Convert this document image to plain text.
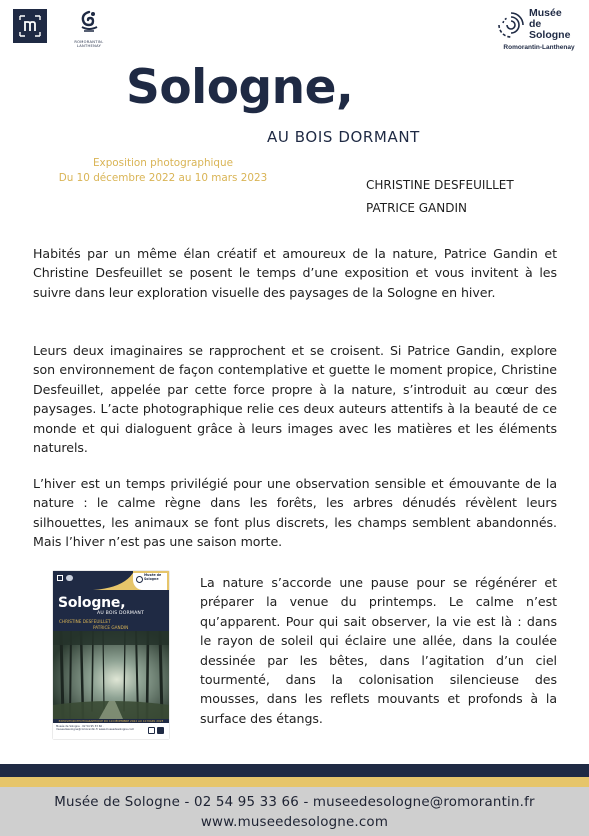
ROMORANTIN-LANTHENAY
Musée
de
Sologne
Romorantin-Lanthenay
Sologne,
AU BOIS DORMANT
Exposition photographique
Du 10 décembre 2022 au 10 mars 2023	CHRISTINE DESFEUILLET
PATRICE GANDIN
Habités par un même élan créatif et amoureux de la nature, Patrice Gandin et Christine Desfeuillet se posent le temps d’une exposition et vous invitent à les suivre dans leur exploration visuelle des paysages de la Sologne en hiver.
Leurs deux imaginaires se rapprochent et se croisent. Si Patrice Gandin, explore son environnement de façon contemplative et guette le moment propice, Christine Desfeuillet, appelée par cette force propre à la nature, s’introduit au cœur des paysages. L’acte photographique relie ces deux auteurs attentifs à la beauté de ce monde et qui dialoguent grâce à leurs images avec les matières et les éléments naturels.
L’hiver est un temps privilégié pour une observation sensible et émouvante de la nature : le calme règne dans les forêts, les arbres dénudés révèlent leurs silhouettes, les animaux se font plus discrets, les champs semblent abandonnés. Mais l’hiver n’est pas une saison morte.
La nature s’accorde une pause pour se régénérer et préparer la venue du printemps. Le calme n’est qu’apparent. Pour qui sait observer, la vie est là : dans le rayon de soleil qui éclaire une allée, dans la coulée dessinée par les bêtes, dans l’agitation d’un ciel tourmenté, dans la colonisation silencieuse des mousses, dans les reflets mouvants et profonds à la surface des étangs.
Musée de Sologne
Sologne,
AU BOIS DORMANT
CHRISTINE DESFEUILLET
PATRICE GANDIN
EXPOSITION PHOTOGRAPHIQUE DU 10 DÉCEMBRE 2022 AU 10 MARS 2023
Musée de Sologne · 02 54 95 33 66 · museedesologne@romorantin.fr www.museedesologne.com
Musée de Sologne - 02 54 95 33 66 - museedesologne@romorantin.fr
www.museedesologne.com
